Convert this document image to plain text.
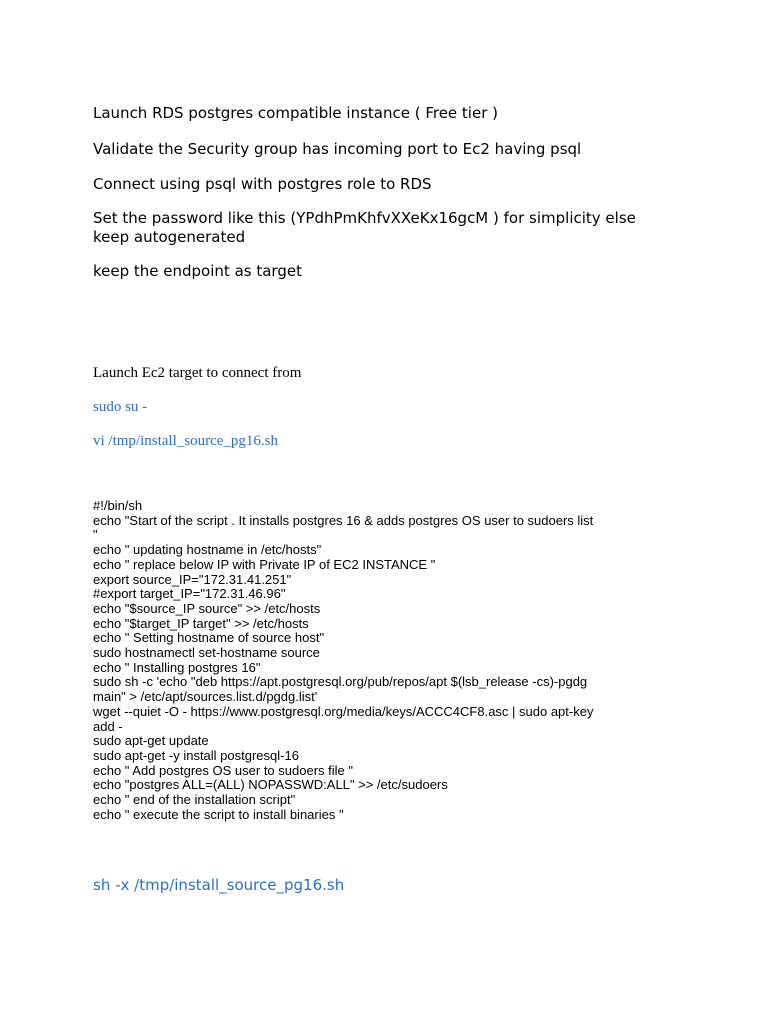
Launch RDS postgres compatible instance ( Free tier )

Validate the Security group has incoming port to Ec2 having psql

Connect using psql with postgres role to RDS

Set the password like this (YPdhPmKhfvXXeKx16gcM ) for simplicity else keep autogenerated

keep the endpoint as target

Launch Ec2 target to connect from

sudo su -

vi /tmp/install_source_pg16.sh

#!/bin/sh
echo "Start of the script . It installs postgres 16 & adds postgres OS user to sudoers list
"
echo " updating hostname in /etc/hosts"
echo " replace below IP with Private IP of EC2 INSTANCE "
export source_IP="172.31.41.251"
#export target_IP="172.31.46.96"
echo "$source_IP source" >> /etc/hosts
echo "$target_IP target" >> /etc/hosts
echo " Setting hostname of source host"
sudo hostnamectl set-hostname source
echo " Installing postgres 16"
sudo sh -c 'echo "deb https://apt.postgresql.org/pub/repos/apt $(lsb_release -cs)-pgdg
main" > /etc/apt/sources.list.d/pgdg.list'
wget --quiet -O - https://www.postgresql.org/media/keys/ACCC4CF8.asc | sudo apt-key
add -
sudo apt-get update
sudo apt-get -y install postgresql-16
echo " Add postgres OS user to sudoers file "
echo "postgres ALL=(ALL) NOPASSWD:ALL" >> /etc/sudoers
echo " end of the installation script"
echo " execute the script to install binaries "

sh -x /tmp/install_source_pg16.sh
